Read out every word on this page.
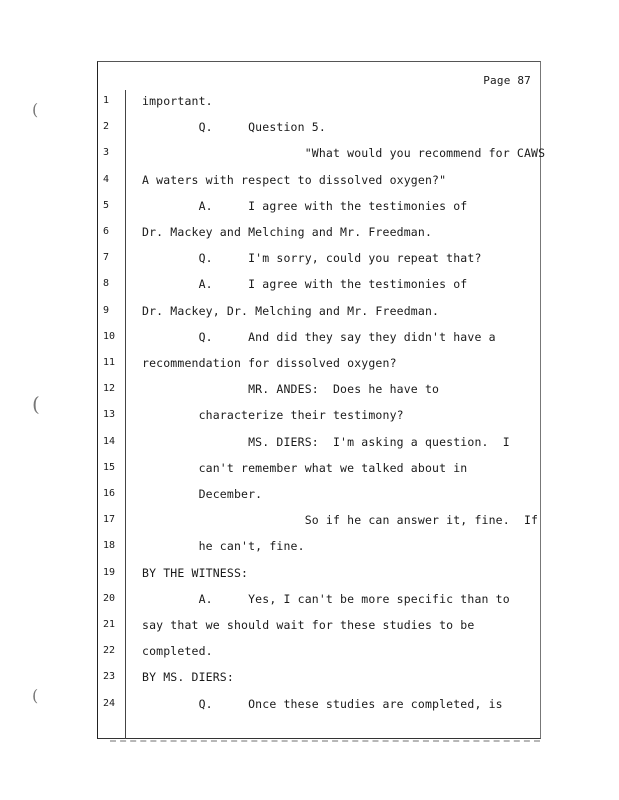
Page 87
1	important.
2	Q.     Question 5.
3	"What would you recommend for CAWS
4	A waters with respect to dissolved oxygen?"
5	A.     I agree with the testimonies of
6	Dr. Mackey and Melching and Mr. Freedman.
7	Q.     I'm sorry, could you repeat that?
8	A.     I agree with the testimonies of
9	Dr. Mackey, Dr. Melching and Mr. Freedman.
10	Q.     And did they say they didn't have a
11	recommendation for dissolved oxygen?
12	MR. ANDES:  Does he have to
13	characterize their testimony?
14	MS. DIERS:  I'm asking a question.  I
15	can't remember what we talked about in
16	December.
17	So if he can answer it, fine.  If
18	he can't, fine.
19	BY THE WITNESS:
20	A.     Yes, I can't be more specific than to
21	say that we should wait for these studies to be
22	completed.
23	BY MS. DIERS:
24	Q.     Once these studies are completed, is
(
(
(
